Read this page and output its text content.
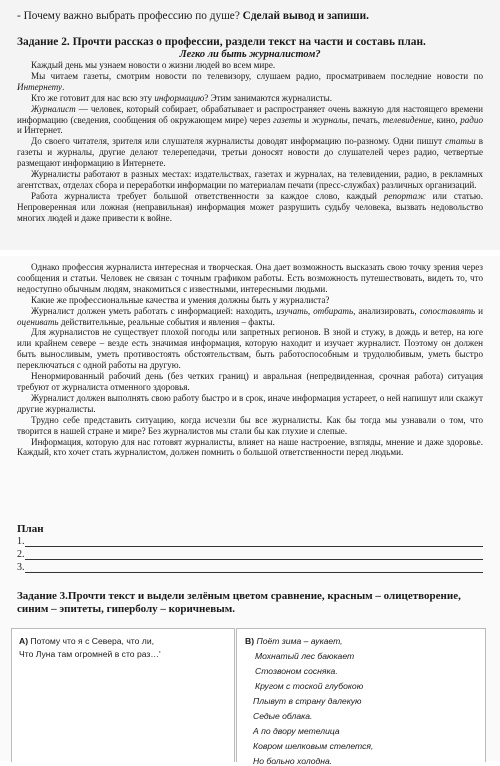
- Почему важно выбрать профессию по душе? Сделай вывод и запиши.
Задание 2. Прочти рассказ о профессии, раздели текст на части и составь план.
Легко ли быть журналистом?

Каждый день мы узнаем новости о жизни людей во всем мире.

Мы читаем газеты, смотрим новости по телевизору, слушаем радио, просматриваем последние новости по Интернету.

Кто же готовит для нас всю эту информацию? Этим занимаются журналисты.

Журналист — человек, который собирает, обрабатывает и распространяет очень важную для настоящего времени информацию (сведения, сообщения об окружающем мире) через газеты и журналы, печать, телевидение, кино, радио и Интернет.

До своего читателя, зрителя или слушателя журналисты доводят информацию по-разному. Одни пишут статьи в газеты и журналы, другие делают телерепедачи, третьи доносят новости до слушателей через радио, четвертые размещают информацию в Интернете.

Журналисты работают в разных местах: издательствах, газетах и журналах, на телевидении, радио, в рекламных агентствах, отделах сбора и переработки информации по материалам печати (пресс-службах) различных организаций.

Работа журналиста требует большой ответственности за каждое слово, каждый репортаж или статью. Непроверенная или ложная (неправильная) информация может разрушить судьбу человека, вызвать недовольство многих людей и даже привести к войне.

Однако профессия журналиста интересная и творческая. Она дает возможность высказать свою точку зрения через сообщения и статьи. Человек не связан с точным графиком работы. Есть возможность путешествовать, видеть то, что недоступно обычным людям, знакомиться с известными, интересными людьми.

Какие же профессиональные качества и умения должны быть у журналиста?

Журналист должен уметь работать с информацией: находить, изучать, отбирать, анализировать, сопоставлять и оценивать действительные, реальные события и явления – факты.

Для журналистов не существует плохой погоды или запретных регионов. В зной и стужу, в дождь и ветер, на юге или крайнем севере – везде есть значимая информация, которую находит и изучает журналист. Поэтому он должен быть выносливым, уметь противостоять обстоятельствам, быть работоспособным и трудолюбивым, уметь быстро переключаться с одной работы на другую.

Ненормированный рабочий день (без четких границ) и авральная (непредвиденная, срочная работа) ситуация требуют от журналиста отменного здоровья.

Журналист должен выполнять свою работу быстро и в срок, иначе информация устареет, о ней напишут или скажут другие журналисты.

Трудно себе представить ситуацию, когда исчезли бы все журналисты. Как бы тогда мы узнавали о том, что творится в нашей стране и мире? Без журналистов мы стали бы как глухие и слепые.

Информация, которую для нас готовят журналисты, влияет на наше настроение, взгляды, мнение и даже здоровье. Каждый, кто хочет стать журналистом, должен помнить о большой ответственности перед людьми.

План
1.
2.
3.
Задание 3.Прочти текст и выдели зелёным цветом сравнение, красным – олицетворение, синим – эпитеты, гиперболу – коричневым.
А) Потому что я с Севера, что ли,
Что Луна там огромней в сто раз…'
В) Поёт зима – аукает,
Мохнатый лес баюкает
Стозвоном сосняка.
Кругом с тоской глубокою
Плывут в страну далекую
Седые облака.
А по двору метелица
Ковром шелковым стелется,
Но больно холодна.
